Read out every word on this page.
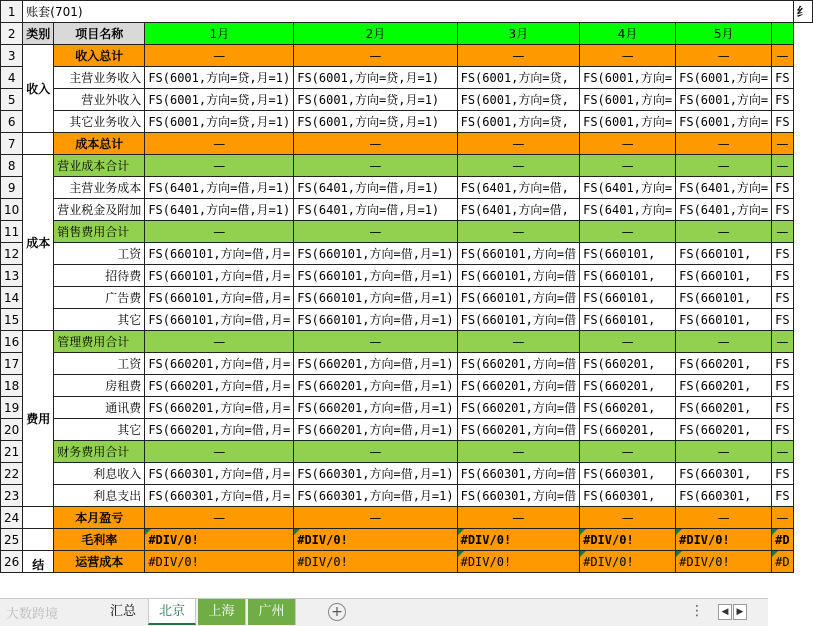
1	账套(701)								纟
2	类别	项目名称	1月	2月	3月	4月	5月		
3	收入	收入总计	—	—	—	—	—	—	
4		主营业务收入	FS(6001,方向=贷,月=1)	FS(6001,方向=贷,月=1)	FS(6001,方向=贷,	FS(6001,方向=	FS(6001,方向=	FS	
5		营业外收入	FS(6001,方向=贷,月=1)	FS(6001,方向=贷,月=1)	FS(6001,方向=贷,	FS(6001,方向=	FS(6001,方向=	FS	
6		其它业务收入	FS(6001,方向=贷,月=1)	FS(6001,方向=贷,月=1)	FS(6001,方向=贷,	FS(6001,方向=	FS(6001,方向=	FS	
7		成本总计	—	—	—	—	—	—	
8	成本	营业成本合计	—	—	—	—	—	—	
9		主营业务成本	FS(6401,方向=借,月=1)	FS(6401,方向=借,月=1)	FS(6401,方向=借,	FS(6401,方向=	FS(6401,方向=	FS	
10		营业税金及附加	FS(6401,方向=借,月=1)	FS(6401,方向=借,月=1)	FS(6401,方向=借,	FS(6401,方向=	FS(6401,方向=	FS	
11		销售费用合计	—	—	—	—	—	—	
12		工资	FS(660101,方向=借,月=	FS(660101,方向=借,月=1)	FS(660101,方向=借	FS(660101,	FS(660101,	FS	
13		招待费	FS(660101,方向=借,月=	FS(660101,方向=借,月=1)	FS(660101,方向=借	FS(660101,	FS(660101,	FS	
14		广告费	FS(660101,方向=借,月=	FS(660101,方向=借,月=1)	FS(660101,方向=借	FS(660101,	FS(660101,	FS	
15		其它	FS(660101,方向=借,月=	FS(660101,方向=借,月=1)	FS(660101,方向=借	FS(660101,	FS(660101,	FS	
16	费用	管理费用合计	—	—	—	—	—	—	
17		工资	FS(660201,方向=借,月=	FS(660201,方向=借,月=1)	FS(660201,方向=借	FS(660201,	FS(660201,	FS	
18		房租费	FS(660201,方向=借,月=	FS(660201,方向=借,月=1)	FS(660201,方向=借	FS(660201,	FS(660201,	FS	
19		通讯费	FS(660201,方向=借,月=	FS(660201,方向=借,月=1)	FS(660201,方向=借	FS(660201,	FS(660201,	FS	
20		其它	FS(660201,方向=借,月=	FS(660201,方向=借,月=1)	FS(660201,方向=借	FS(660201,	FS(660201,	FS	
21		财务费用合计	—	—	—	—	—	—	
22		利息收入	FS(660301,方向=借,月=	FS(660301,方向=借,月=1)	FS(660301,方向=借	FS(660301,	FS(660301,	FS	
23		利息支出	FS(660301,方向=借,月=	FS(660301,方向=借,月=1)	FS(660301,方向=借	FS(660301,	FS(660301,	FS	
24		本月盈亏	—	—	—	—	—	—	
25		毛利率	#DIV/0!	#DIV/0!	#DIV/0!	#DIV/0!	#DIV/0!	#D	
26	结	运营成本	#DIV/0!	#DIV/0!	#DIV/0!	#DIV/0!	#DIV/0!	#D	
大数跨境	汇总	北京	上海	广州	+	⋮	◀ ▶
